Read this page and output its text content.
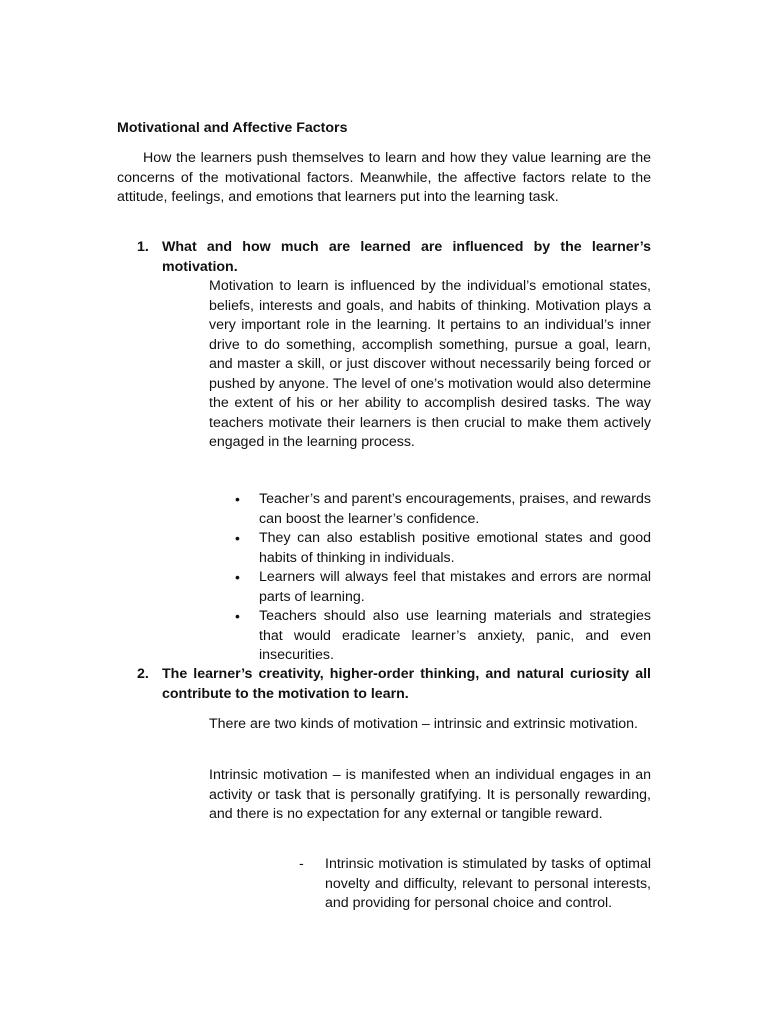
Motivational and Affective Factors

How the learners push themselves to learn and how they value learning are the concerns of the motivational factors. Meanwhile, the affective factors relate to the attitude, feelings, and emotions that learners put into the learning task.

1. What and how much are learned are influenced by the learner’s motivation.

Motivation to learn is influenced by the individual’s emotional states, beliefs, interests and goals, and habits of thinking. Motivation plays a very important role in the learning. It pertains to an individual’s inner drive to do something, accomplish something, pursue a goal, learn, and master a skill, or just discover without necessarily being forced or pushed by anyone. The level of one’s motivation would also determine the extent of his or her ability to accomplish desired tasks. The way teachers motivate their learners is then crucial to make them actively engaged in the learning process.

• Teacher’s and parent’s encouragements, praises, and rewards can boost the learner’s confidence.
• They can also establish positive emotional states and good habits of thinking in individuals.
• Learners will always feel that mistakes and errors are normal parts of learning.
• Teachers should also use learning materials and strategies that would eradicate learner’s anxiety, panic, and even insecurities.
2. The learner’s creativity, higher-order thinking, and natural curiosity all contribute to the motivation to learn.

There are two kinds of motivation – intrinsic and extrinsic motivation.

Intrinsic motivation – is manifested when an individual engages in an activity or task that is personally gratifying. It is personally rewarding, and there is no expectation for any external or tangible reward.

- Intrinsic motivation is stimulated by tasks of optimal novelty and difficulty, relevant to personal interests, and providing for personal choice and control.
